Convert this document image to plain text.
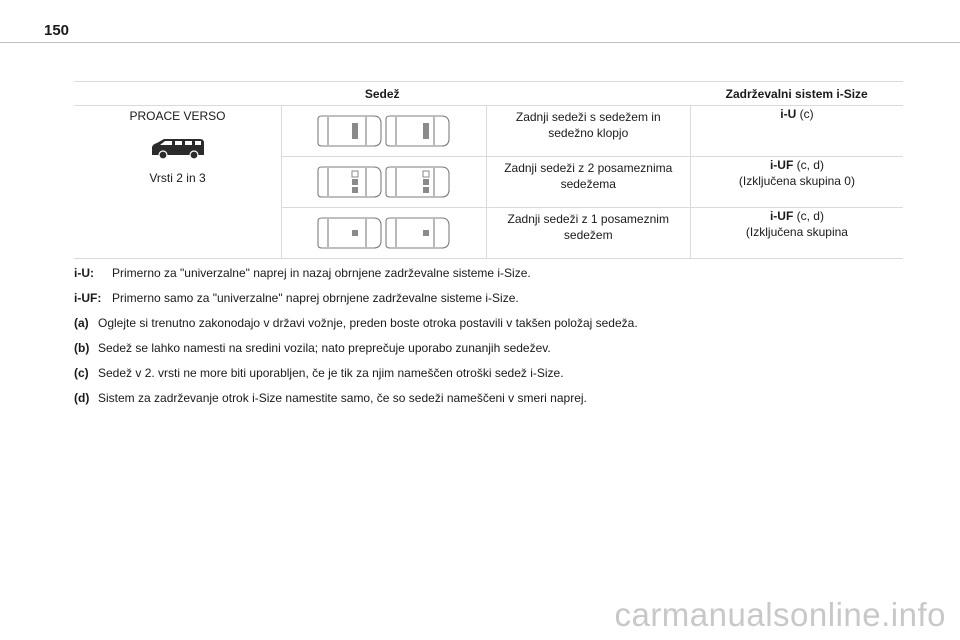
150
Sedež			Zadrževalni sistem i-Size

PROACE VERSO
Vrsti 2 in 3		Zadnji sedeži s sedežem in sedežno klopjo	i-U (c)

Zadnji sedeži z 2 posameznima sedežema	i-UF (c, d)
(Izključena skupina 0)

Zadnji sedeži z 1 posameznim sedežem	i-UF (c, d)
(Izključena skupina
i-U: Primerno za "univerzalne" naprej in nazaj obrnjene zadrževalne sisteme i-Size.
i-UF: Primerno samo za "univerzalne" naprej obrnjene zadrževalne sisteme i-Size.
(a) Oglejte si trenutno zakonodajo v državi vožnje, preden boste otroka postavili v takšen položaj sedeža.
(b) Sedež se lahko namesti na sredini vozila; nato preprečuje uporabo zunanjih sedežev.
(c) Sedež v 2. vrsti ne more biti uporabljen, če je tik za njim nameščen otroški sedež i-Size.
(d) Sistem za zadrževanje otrok i-Size namestite samo, če so sedeži nameščeni v smeri naprej.
carmanualsonline.info
